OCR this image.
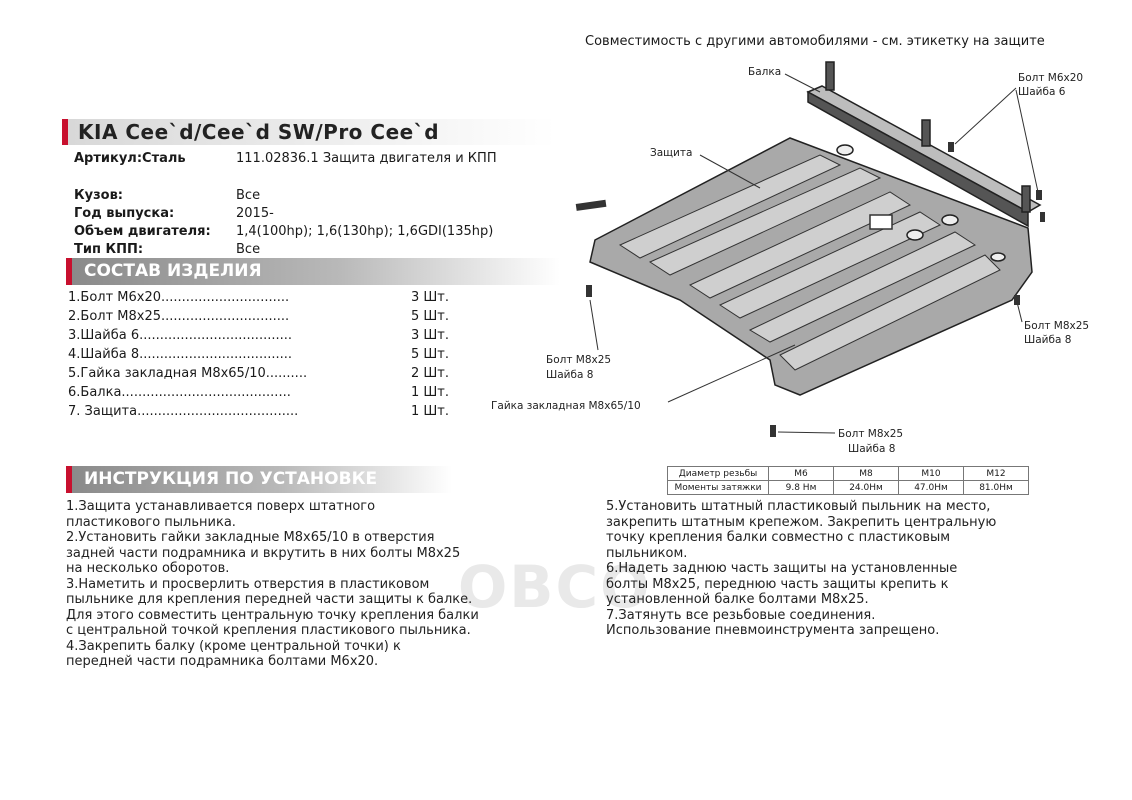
OBCO
Совместимость с другими автомобилями - см. этикетку на защите
KIA Cee`d/Cee`d SW/Pro Cee`d
Артикул:Сталь	111.02836.1 Защита двигателя и КПП
Кузов:	Все
Год выпуска:	2015-
Объем двигателя: 1,4(100hp); 1,6(130hp); 1,6GDI(135hp)
Тип КПП:	Все
СОСТАВ ИЗДЕЛИЯ
1.Болт М6х20...............................	3 Шт.
2.Болт М8х25...............................	5 Шт.
3.Шайба 6.....................................	3 Шт.
4.Шайба 8.....................................	5 Шт.
5.Гайка закладная М8х65/10..........	2 Шт.
6.Балка.........................................	1 Шт.
7. Защита.......................................	1 Шт.
ИНСТРУКЦИЯ ПО УСТАНОВКЕ
1.Защита устанавливается поверх штатного
пластикового пыльника.
2.Установить гайки закладные М8х65/10 в отверстия
задней части подрамника и вкрутить в них болты М8х25
на несколько оборотов.
3.Наметить и просверлить отверстия в пластиковом
пыльнике для крепления передней части защиты к балке.
Для этого совместить центральную точку крепления балки
с центральной точкой крепления пластикового пыльника.
4.Закрепить балку (кроме центральной точки) к
передней части подрамника болтами М6х20.
5.Установить штатный пластиковый пыльник на место,
закрепить штатным крепежом. Закрепить центральную
точку крепления балки совместно с пластиковым
пыльником.
6.Надеть заднюю часть защиты на установленные
болты М8х25, переднюю часть защиты крепить к
установленной балке болтами М8х25.
7.Затянуть все резьбовые соединения.
Использование пневмоинструмента запрещено.
Диаметр резьбы	М6	М8	М10	М12
Моменты затяжки	9.8 Нм	24.0Нм	47.0Нм	81.0Нм
Балка	Болт М6х20
Шайба 6
Защита
Болт М8х25
Шайба 8
Болт М8х25
Шайба 8
Гайка закладная М8х65/10
Болт М8х25
Шайба 8
